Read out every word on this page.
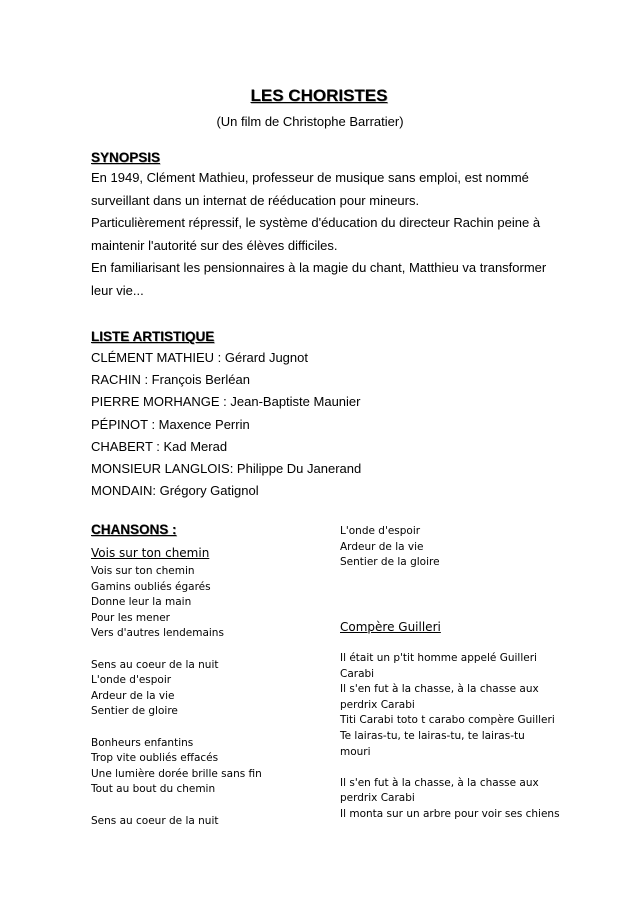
LES CHORISTES
(Un film de Christophe Barratier)
SYNOPSIS
En 1949, Clément Mathieu, professeur de musique sans emploi, est nommé
surveillant dans un internat de rééducation pour mineurs.
Particulièrement répressif, le système d'éducation du directeur Rachin peine à
maintenir l'autorité sur des élèves difficiles.
En familiarisant les pensionnaires à la magie du chant, Matthieu va transformer
leur vie...
LISTE ARTISTIQUE
CLÉMENT MATHIEU : Gérard Jugnot
RACHIN : François Berléan
PIERRE MORHANGE : Jean-Baptiste Maunier
PÉPINOT : Maxence Perrin
CHABERT : Kad Merad
MONSIEUR LANGLOIS: Philippe Du Janerand
MONDAIN: Grégory Gatignol
CHANSONS :
Vois sur ton chemin
Vois sur ton chemin
Gamins oubliés égarés
Donne leur la main
Pour les mener
Vers d'autres lendemains
Sens au coeur de la nuit
L'onde d'espoir
Ardeur de la vie
Sentier de gloire
Bonheurs enfantins
Trop vite oubliés effacés
Une lumière dorée brille sans fin
Tout au bout du chemin
Sens au coeur de la nuit
L'onde d'espoir
Ardeur de la vie
Sentier de la gloire
Compère Guilleri
Il était un p'tit homme appelé Guilleri
Carabi
Il s'en fut à la chasse, à la chasse aux
perdrix Carabi
Titi Carabi toto t carabo compère Guilleri
Te lairas-tu, te lairas-tu, te lairas-tu
mouri
Il s'en fut à la chasse, à la chasse aux
perdrix Carabi
Il monta sur un arbre pour voir ses chiens
